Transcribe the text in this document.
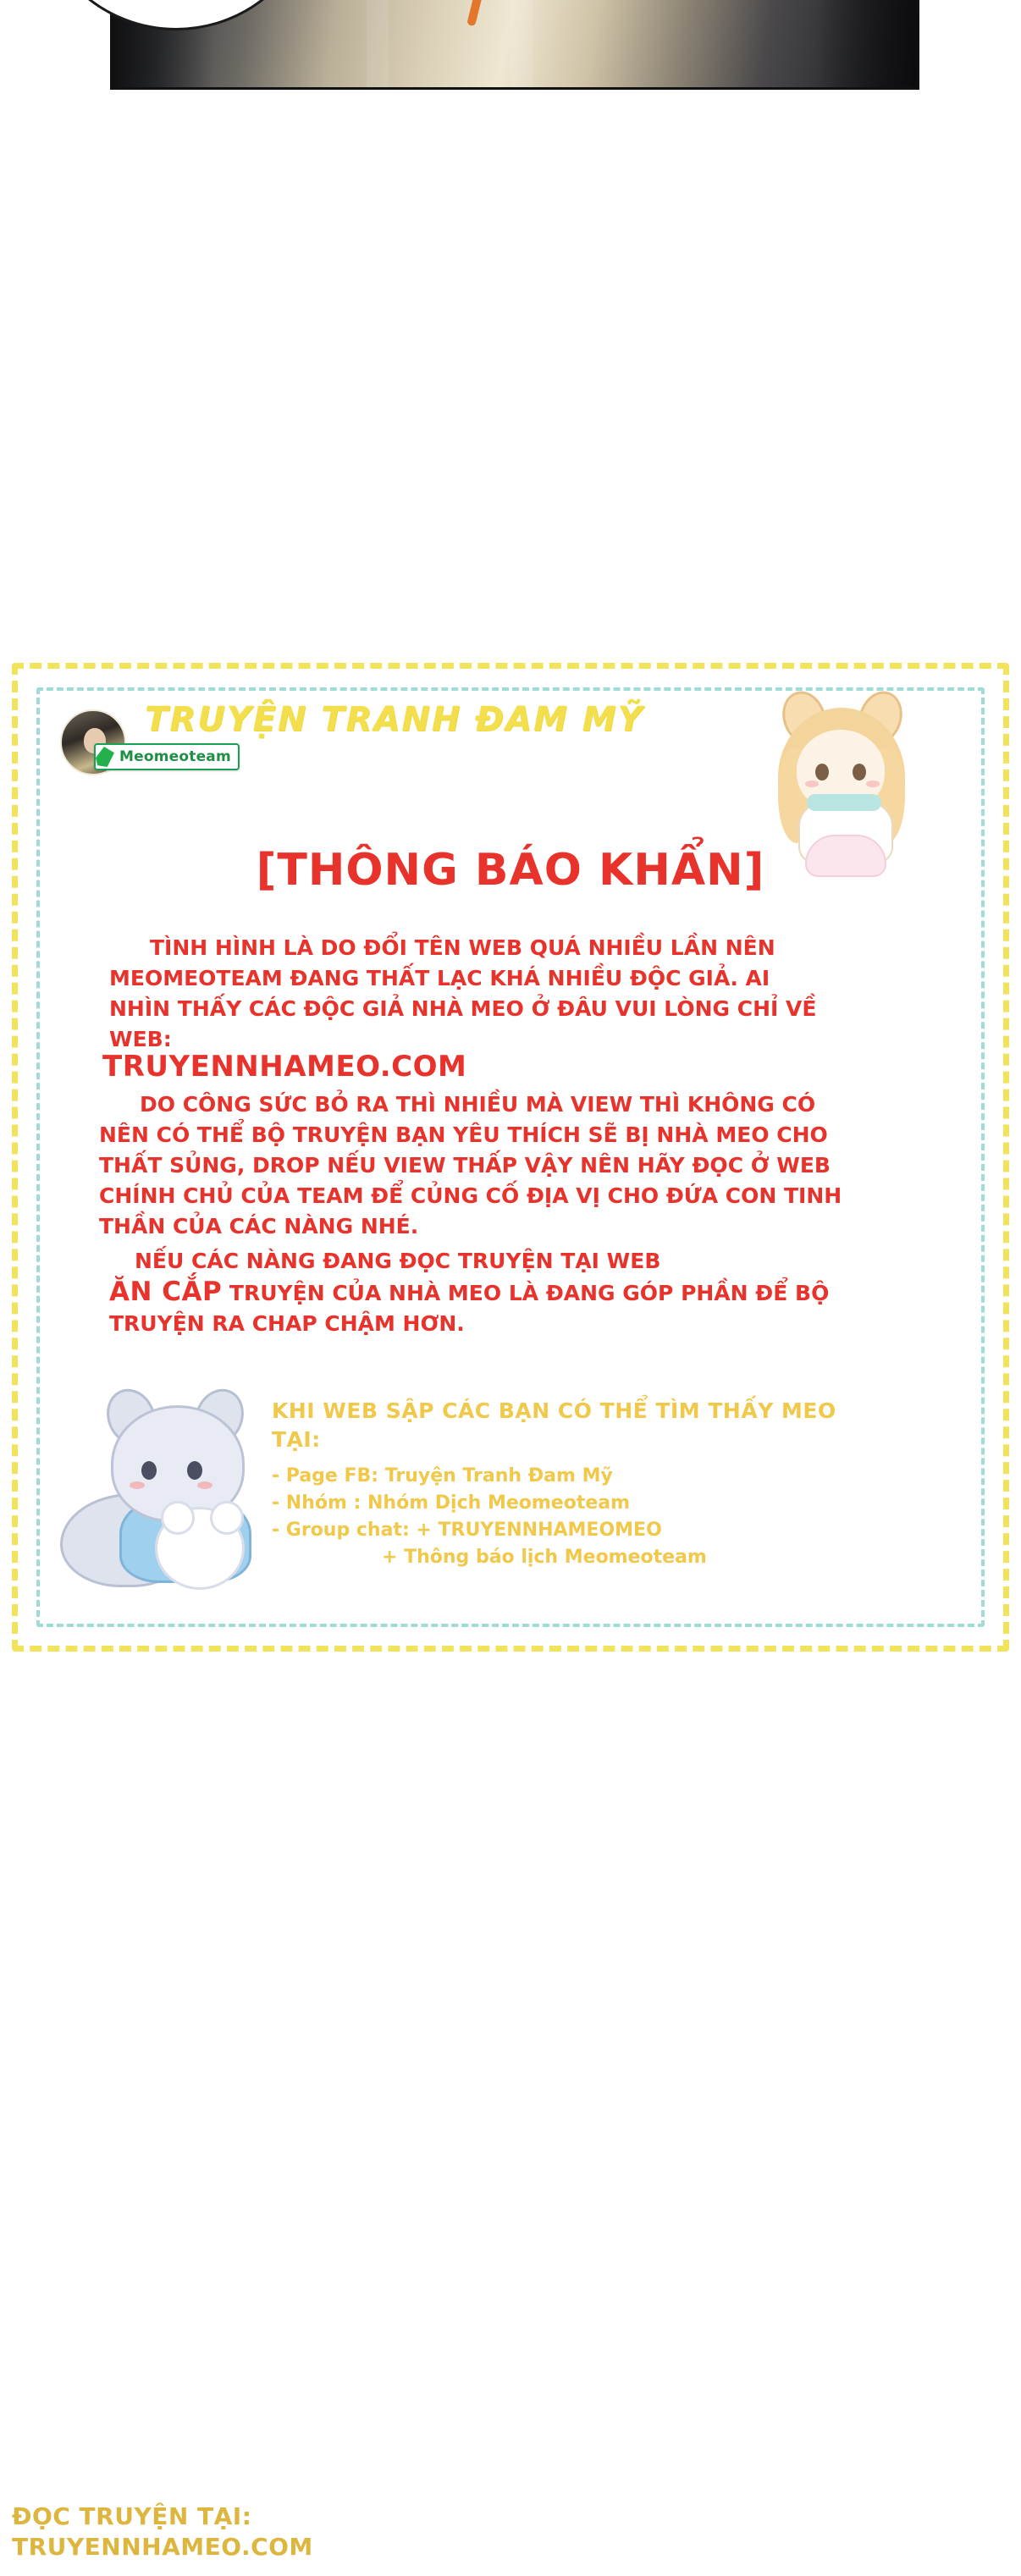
Meomeoteam
TRUYỆN TRANH ĐAM MỸ
[THÔNG BÁO KHẨN]
TÌNH HÌNH LÀ DO ĐỔI TÊN WEB QUÁ NHIỀU LẦN NÊN MEOMEOTEAM ĐANG THẤT LẠC KHÁ NHIỀU ĐỘC GIẢ. AI NHÌN THẤY CÁC ĐỘC GIẢ NHÀ MEO Ở ĐÂU VUI LÒNG CHỈ VỀ WEB:
TRUYENNHAMEO.COM
DO CÔNG SỨC BỎ RA THÌ NHIỀU MÀ VIEW THÌ KHÔNG CÓ NÊN CÓ THỂ BỘ TRUYỆN BẠN YÊU THÍCH SẼ BỊ NHÀ MEO CHO THẤT SỦNG, DROP NẾU VIEW THẤP VẬY NÊN HÃY ĐỌC Ở WEB CHÍNH CHỦ CỦA TEAM ĐỂ CỦNG CỐ ĐỊA VỊ CHO ĐỨA CON TINH THẦN CỦA CÁC NÀNG NHÉ.
NẾU CÁC NÀNG ĐANG ĐỌC TRUYỆN TẠI WEB
ĂN CẮP TRUYỆN CỦA NHÀ MEO LÀ ĐANG GÓP PHẦN ĐỂ BỘ TRUYỆN RA CHAP CHẬM HƠN.
KHI WEB SẬP CÁC BẠN CÓ THỂ TÌM THẤY MEO TẠI:
- Page FB: Truyện Tranh Đam Mỹ
- Nhóm : Nhóm Dịch Meomeoteam
- Group chat: + TRUYENNHAMEOMEO
+ Thông báo lịch Meomeoteam
ĐỌC TRUYỆN TẠI:
TRUYENNHAMEO.COM
